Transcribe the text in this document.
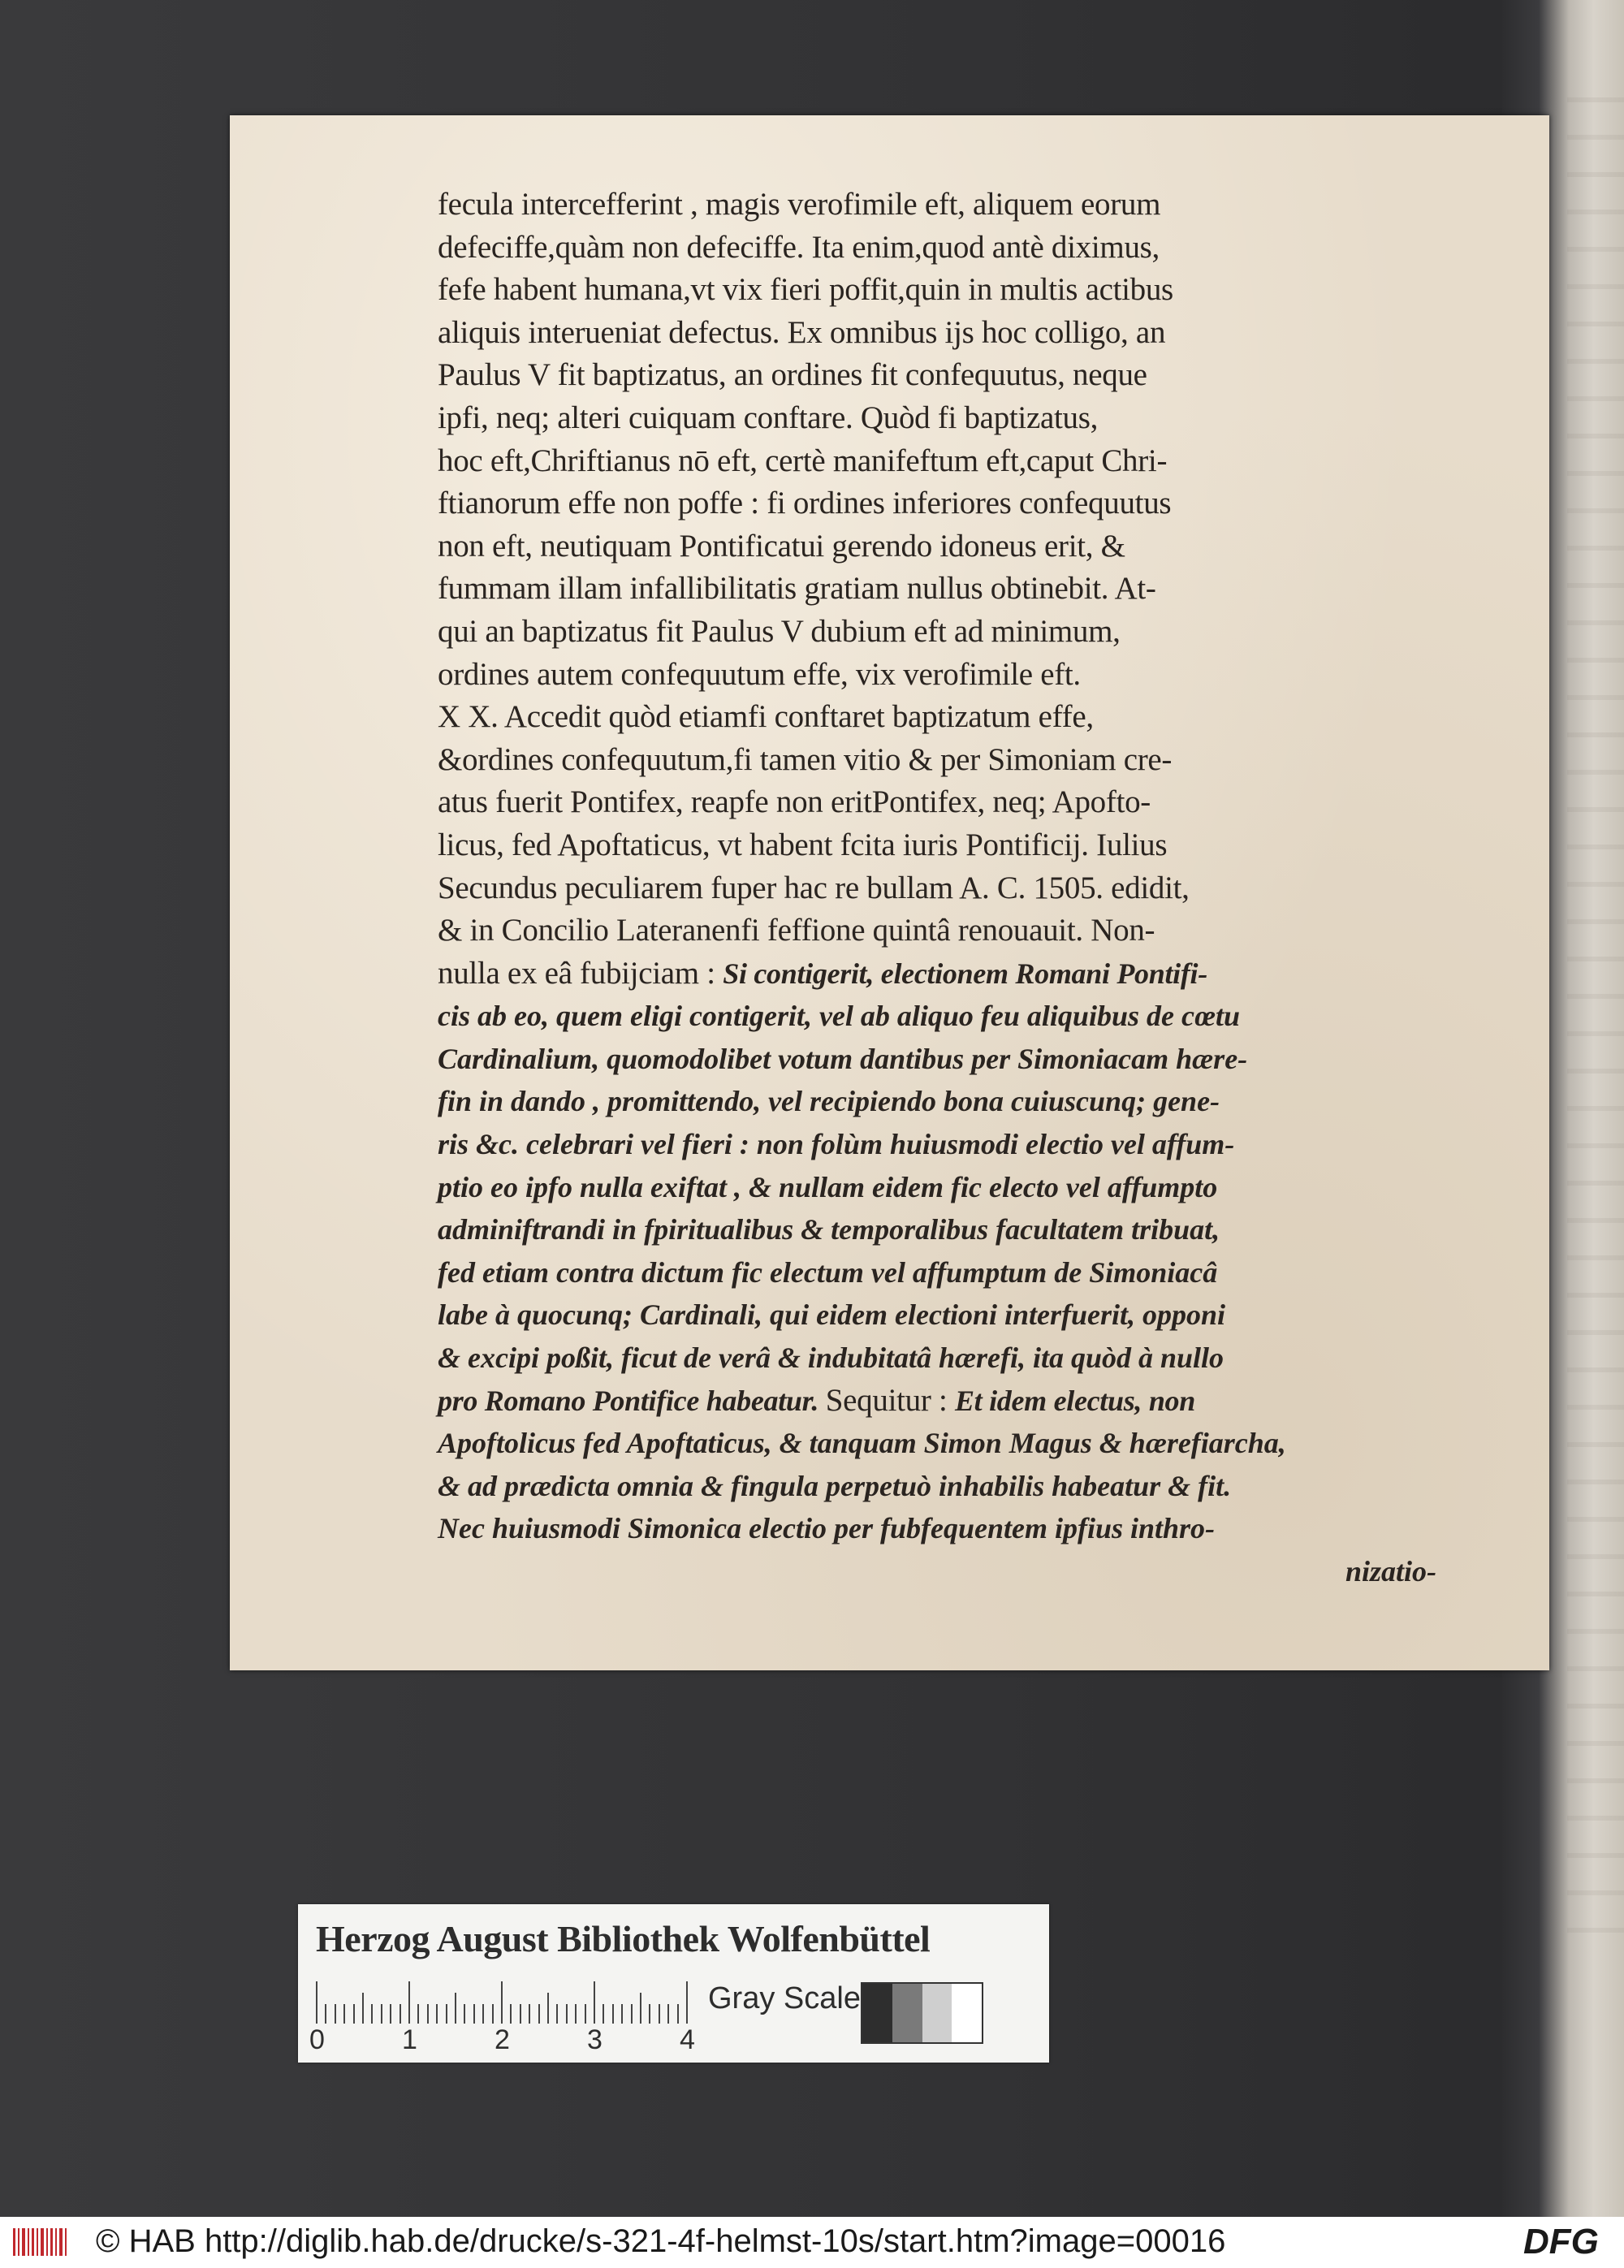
fecula intercefferint , magis verofimile eft, aliquem eorum
defeciffe,quàm non defeciffe. Ita enim,quod antè diximus,
fefe habent humana,vt vix fieri poffit,quin in multis actibus
aliquis interueniat defectus. Ex omnibus ijs hoc colligo, an
Paulus V fit baptizatus, an ordines fit confequutus, neque
ipfi, neq; alteri cuiquam conftare. Quòd fi baptizatus,
hoc eft,Chriftianus nō eft, certè manifeftum eft,caput Chri-
ftianorum effe non poffe : fi ordines inferiores confequutus
non eft, neutiquam Pontificatui gerendo idoneus erit, &
fummam illam infallibilitatis gratiam nullus obtinebit. At-
qui an baptizatus fit Paulus V dubium eft ad minimum,
ordines autem confequutum effe, vix verofimile eft.
X X. Accedit quòd etiamfi conftaret baptizatum effe,
&ordines confequutum,fi tamen vitio & per Simoniam cre-
atus fuerit Pontifex, reapfe non eritPontifex, neq; Apofto-
licus, fed Apoftaticus, vt habent fcita iuris Pontificij. Iulius
Secundus peculiarem fuper hac re bullam A. C. 1505. edidit,
& in Concilio Lateranenfi feffione quintâ renouauit. Non-
nulla ex eâ fubijciam : Si contigerit, electionem Romani Pontifi-
cis ab eo, quem eligi contigerit, vel ab aliquo feu aliquibus de cœtu
Cardinalium, quomodolibet votum dantibus per Simoniacam hære-
fin in dando , promittendo, vel recipiendo bona cuiuscunq; gene-
ris &c. celebrari vel fieri : non folùm huiusmodi electio vel affum-
ptio eo ipfo nulla exiftat , & nullam eidem fic electo vel affumpto
adminiftrandi in fpiritualibus & temporalibus facultatem tribuat,
fed etiam contra dictum fic electum vel affumptum de Simoniacâ
labe à quocunq; Cardinali, qui eidem electioni interfuerit, opponi
& excipi poßit, ficut de verâ & indubitatâ hærefi, ita quòd à nullo
pro Romano Pontifice habeatur. Sequitur : Et idem electus, non
Apoftolicus fed Apoftaticus, & tanquam Simon Magus & hærefiarcha,
& ad prædicta omnia & fingula perpetuò inhabilis habeatur & fit.
Nec huiusmodi Simonica electio per fubfequentem ipfius inthro-
nizatio-
Herzog August Bibliothek Wolfenbüttel
0	1	2	3	4
Gray Scale
© HAB http://diglib.hab.de/drucke/s-321-4f-helmst-10s/start.htm?image=00016	DFG
